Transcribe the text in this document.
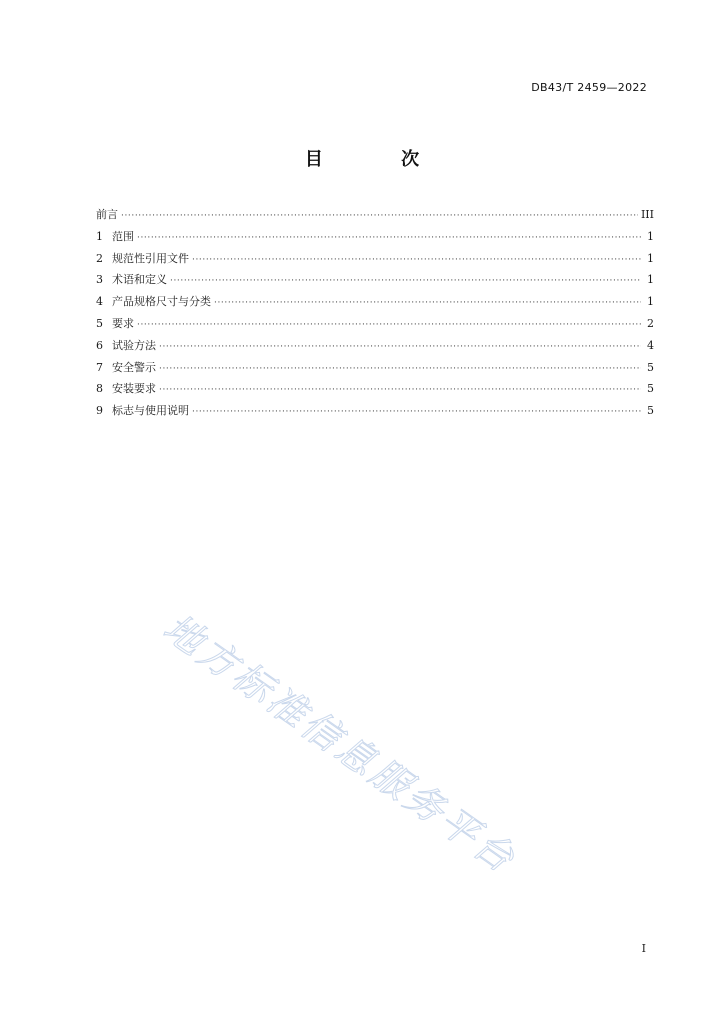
DB43/T 2459—2022
目 次
前言 ·····	III
1 范围 ·····	1
2 规范性引用文件 ·····	1
3 术语和定义 ·····	1
4 产品规格尺寸与分类 ·····	1
5 要求 ·····	2
6 试验方法 ·····	4
7 安全警示 ·····	5
8 安装要求 ·····	5
9 标志与使用说明 ·····	5
地方标准信息服务平台
I
